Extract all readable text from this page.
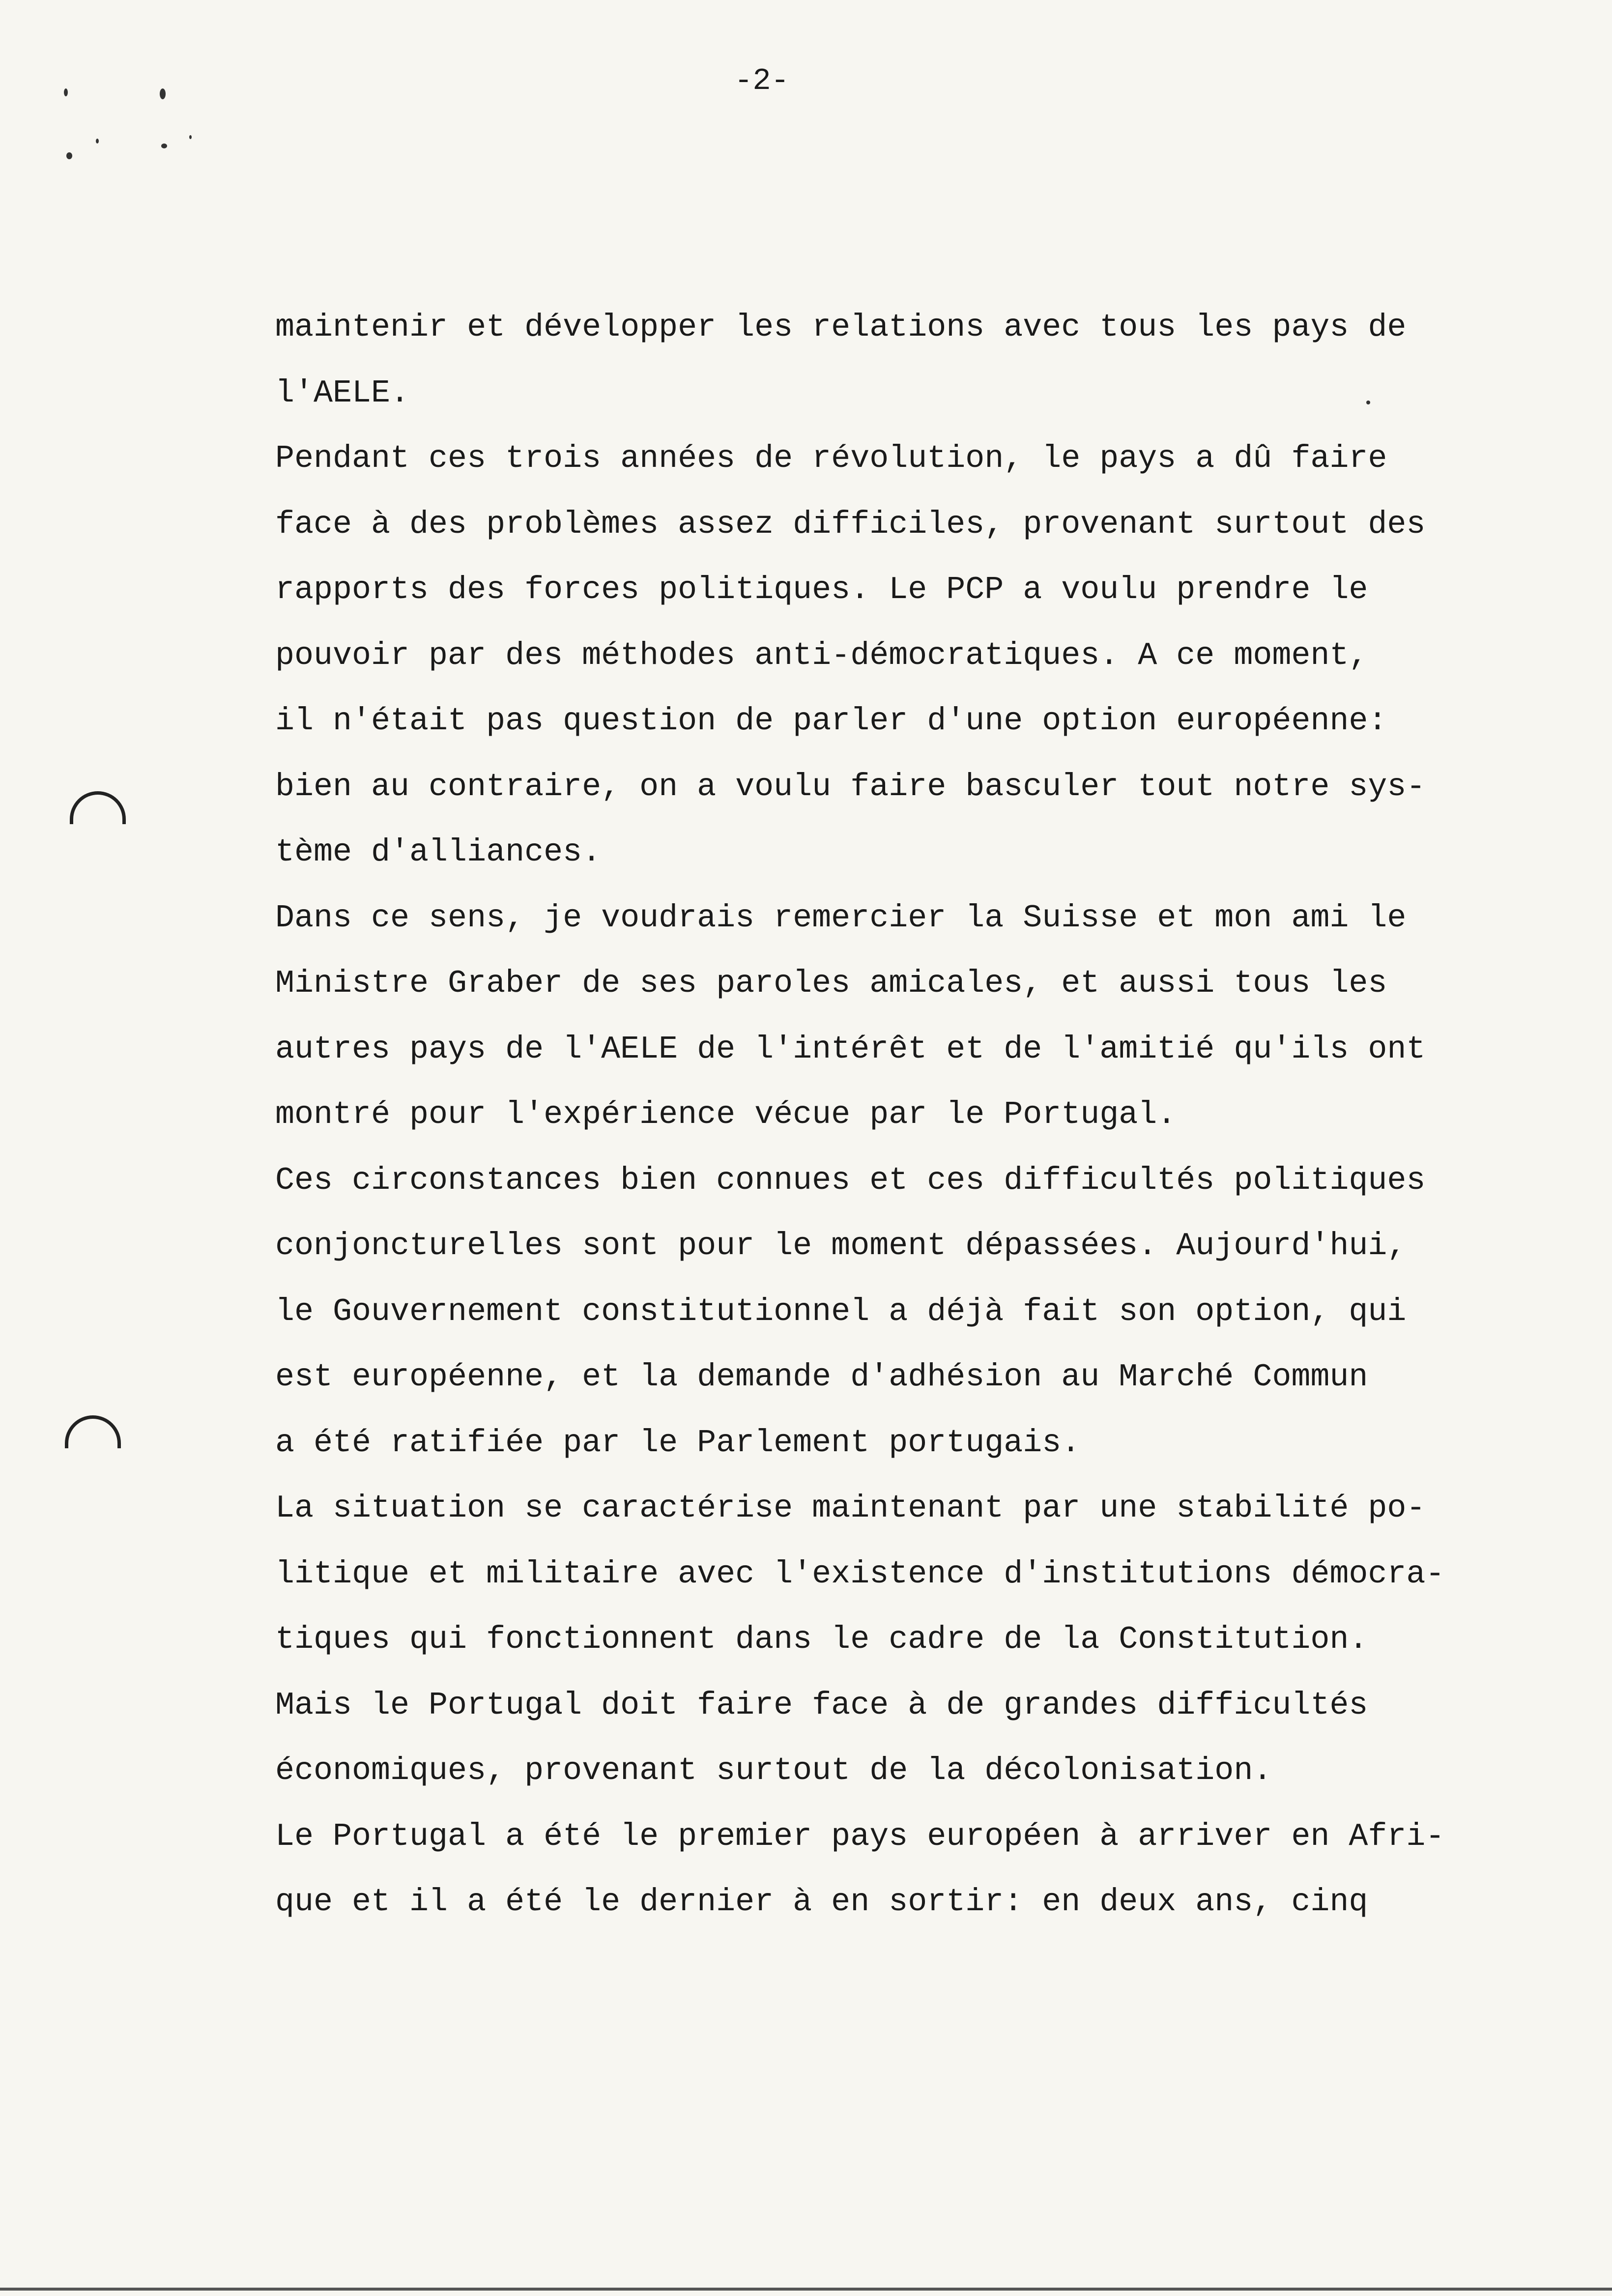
-2-
maintenir et développer les relations avec tous les pays de
l'AELE.
Pendant ces trois années de révolution, le pays a dû faire
face à des problèmes assez difficiles, provenant surtout des
rapports des forces politiques. Le PCP a voulu prendre le
pouvoir par des méthodes anti-démocratiques. A ce moment,
il n'était pas question de parler d'une option européenne:
bien au contraire, on a voulu faire basculer tout notre sys-
tème d'alliances.
Dans ce sens, je voudrais remercier la Suisse et mon ami le
Ministre Graber de ses paroles amicales, et aussi tous les
autres pays de l'AELE de l'intérêt et de l'amitié qu'ils ont
montré pour l'expérience vécue par le Portugal.
Ces circonstances bien connues et ces difficultés politiques
conjoncturelles sont pour le moment dépassées. Aujourd'hui,
le Gouvernement constitutionnel a déjà fait son option, qui
est européenne, et la demande d'adhésion au Marché Commun
a été ratifiée par le Parlement portugais.
La situation se caractérise maintenant par une stabilité po-
litique et militaire avec l'existence d'institutions démocra-
tiques qui fonctionnent dans le cadre de la Constitution.
Mais le Portugal doit faire face à de grandes difficultés
économiques, provenant surtout de la décolonisation.
Le Portugal a été le premier pays européen à arriver en Afri-
que et il a été le dernier à en sortir: en deux ans, cinq
